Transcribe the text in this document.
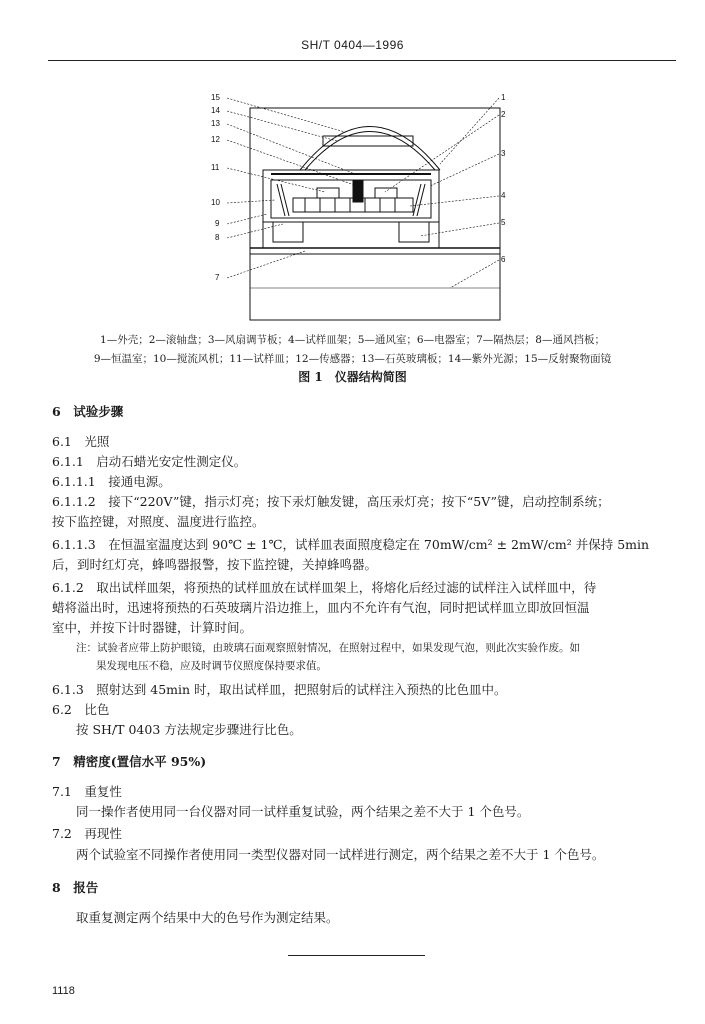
SH/T 0404—1996
15
14
13
12
11
10
9
8
7
1
2
3
4
5
6
1—外壳；2—滚轴盘；3—风扇调节板；4—试样皿架；5—通风室；6—电器室；7—隔热层；8—通风挡板；
9—恒温室；10—搅流风机；11—试样皿；12—传感器；13—石英玻璃板；14—紫外光源；15—反射聚物面镜
图 1　仪器结构简图
6　试验步骤
6.1　光照
6.1.1　启动石蜡光安定性测定仪。
6.1.1.1　接通电源。
6.1.1.2　接下“220V”键，指示灯亮；按下汞灯触发键，高压汞灯亮；按下“5V”键，启动控制系统；
按下监控键，对照度、温度进行监控。
6.1.1.3　在恒温室温度达到 90℃ ± 1℃，试样皿表面照度稳定在 70mW/cm² ± 2mW/cm² 并保持 5min
后，到时红灯亮，蜂鸣器报警，按下监控键，关掉蜂鸣器。
6.1.2　取出试样皿架，将预热的试样皿放在试样皿架上，将熔化后经过滤的试样注入试样皿中，待
蜡将溢出时，迅速将预热的石英玻璃片沿边推上，皿内不允许有气泡，同时把试样皿立即放回恒温
室中，并按下计时器键，计算时间。
注：试验者应带上防护眼镜，由玻璃石面观察照射情况，在照射过程中，如果发现气泡，则此次实验作废。如
果发现电压不稳，应及时调节仪照度保持要求值。
6.1.3　照射达到 45min 时，取出试样皿，把照射后的试样注入预热的比色皿中。
6.2　比色
按 SH/T 0403 方法规定步骤进行比色。
7　精密度(置信水平 95%)
7.1　重复性
同一操作者使用同一台仪器对同一试样重复试验，两个结果之差不大于 1 个色号。
7.2　再现性
两个试验室不同操作者使用同一类型仪器对同一试样进行测定，两个结果之差不大于 1 个色号。
8　报告
取重复测定两个结果中大的色号作为测定结果。
1118
